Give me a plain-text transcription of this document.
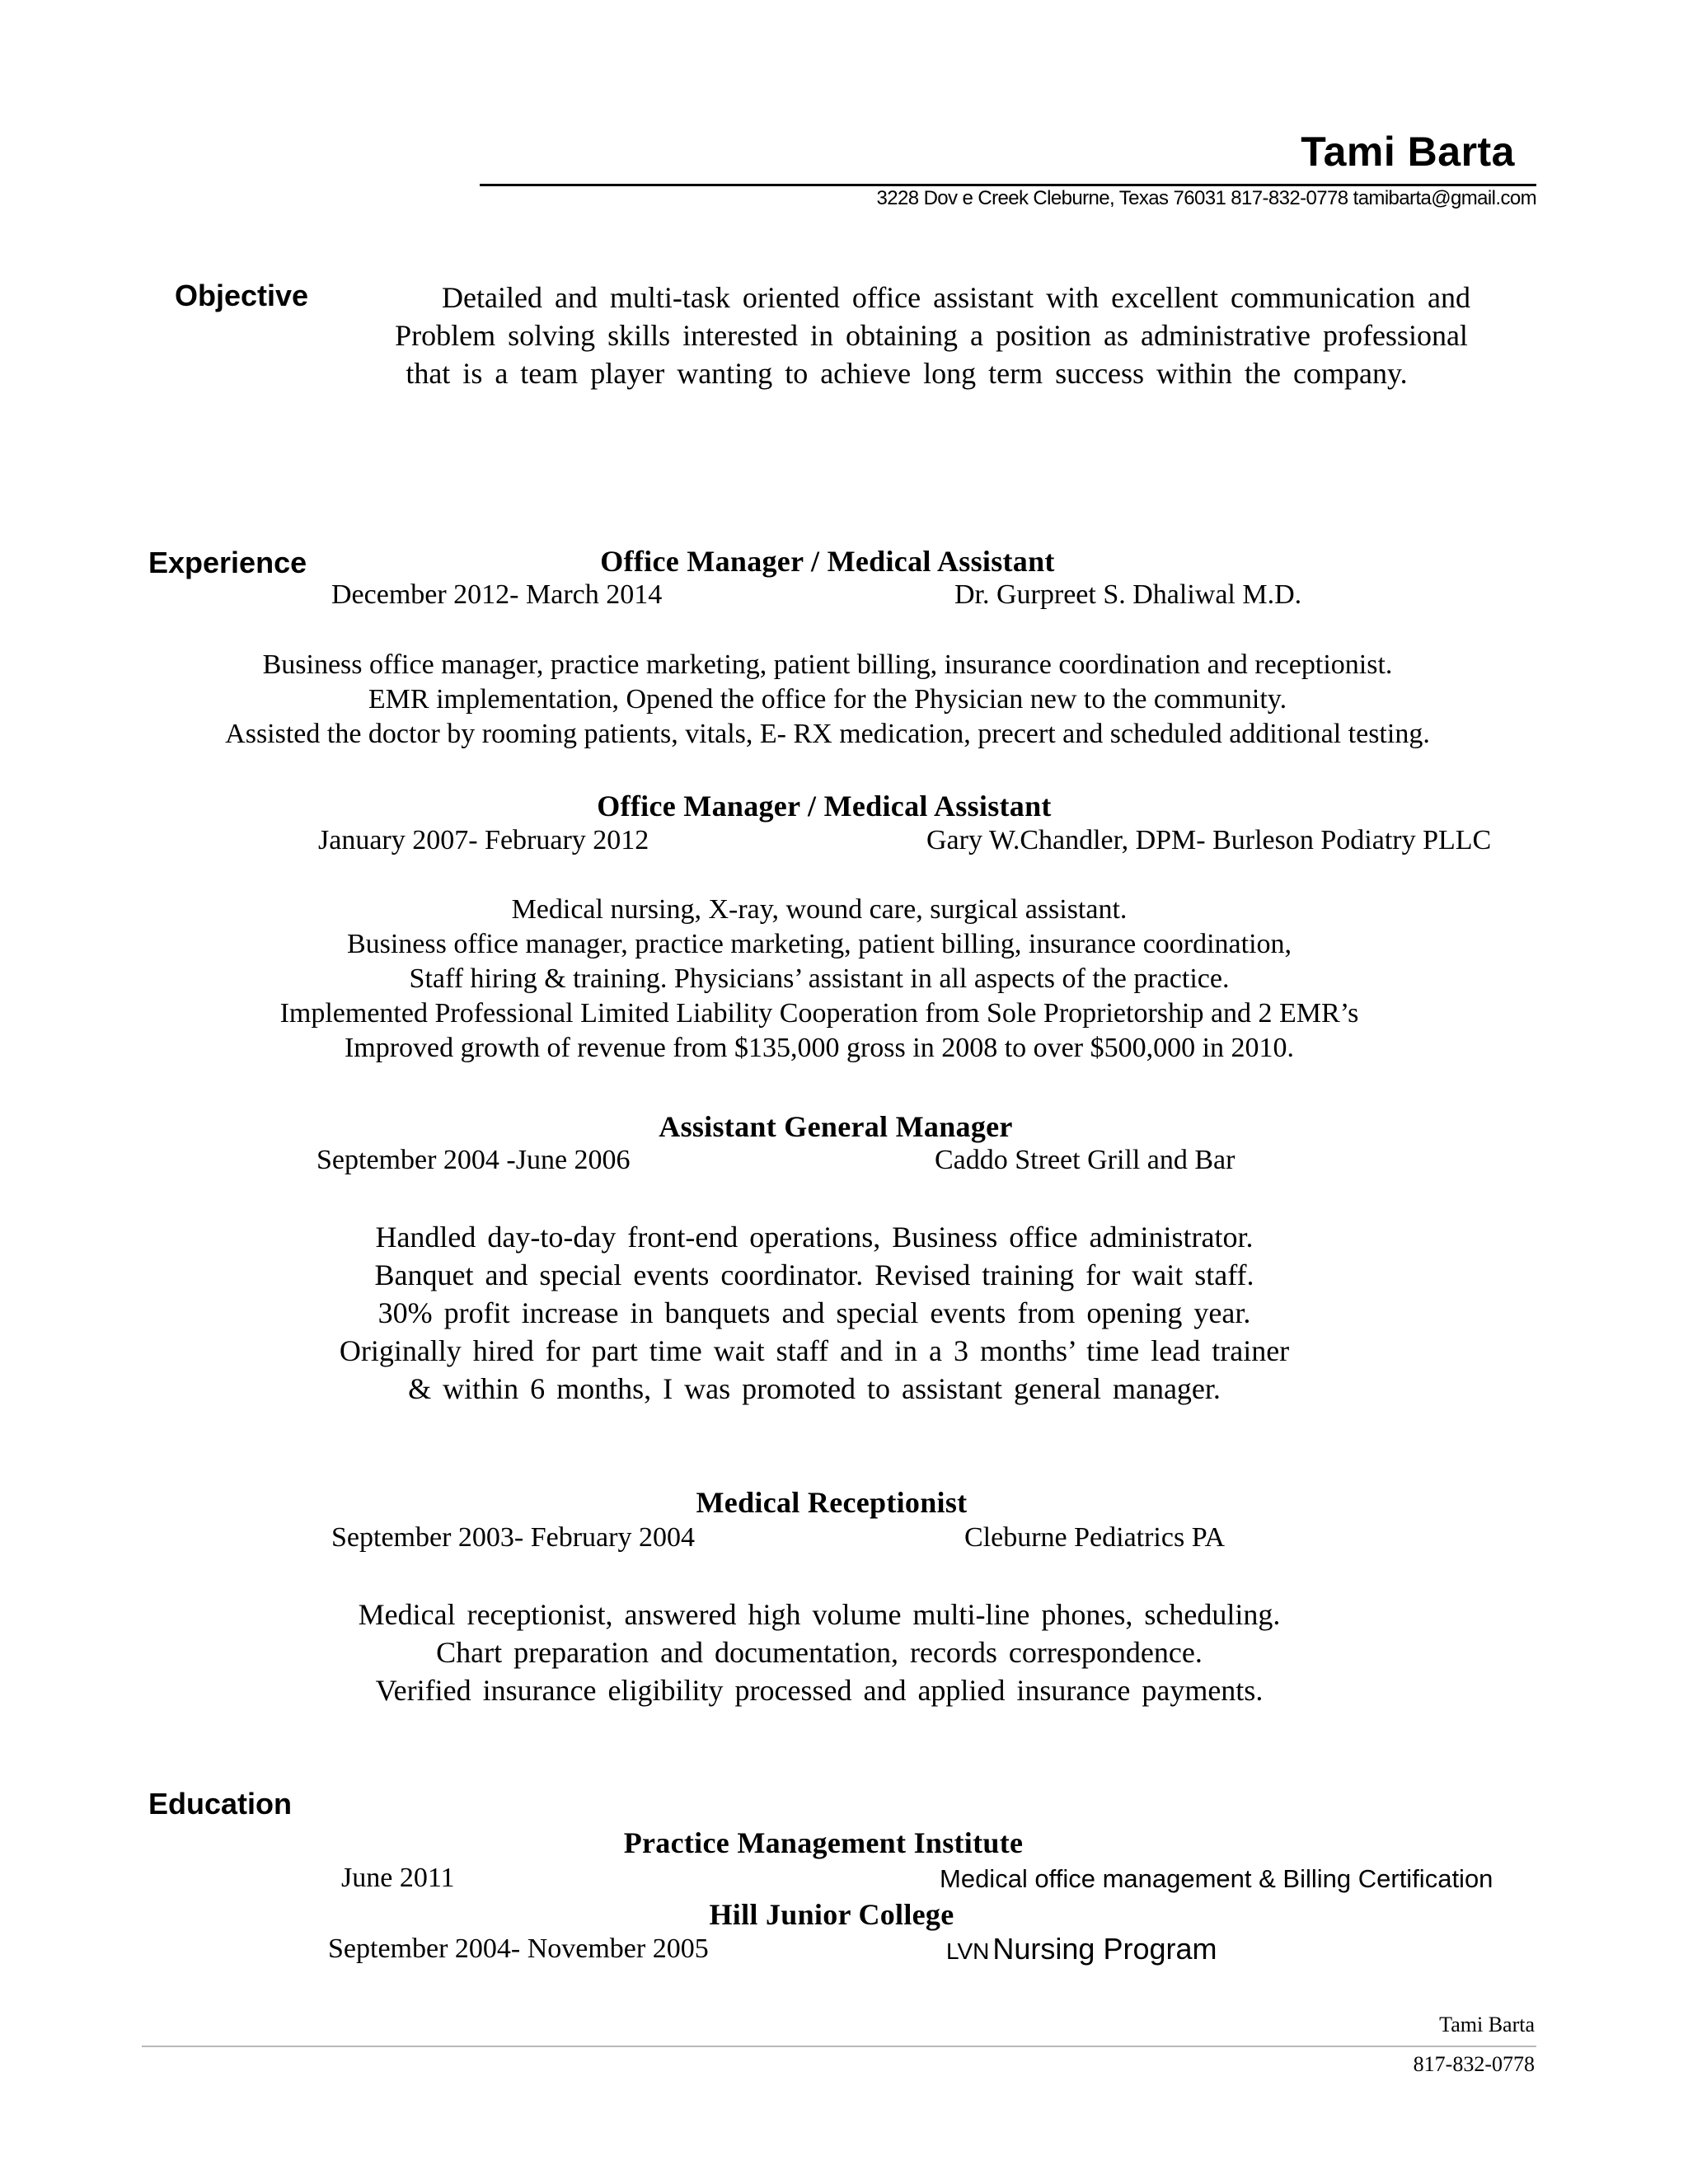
Tami Barta
3228 Dov e Creek Cleburne, Texas 76031 817-832-0778 tamibarta@gmail.com
Objective	Detailed and multi-task oriented office assistant with excellent communication and
Problem solving skills interested in obtaining a position as administrative professional
that is a team player wanting to achieve long term success within the company.
Experience	Office Manager / Medical Assistant
December 2012- March 2014	Dr. Gurpreet S. Dhaliwal M.D.
Business office manager, practice marketing, patient billing, insurance coordination and receptionist.
EMR implementation, Opened the office for the Physician new to the community.
Assisted the doctor by rooming patients, vitals, E- RX medication, precert and scheduled additional testing.
Office Manager / Medical Assistant
January 2007- February 2012	Gary W.Chandler, DPM- Burleson Podiatry PLLC
Medical nursing, X-ray, wound care, surgical assistant.
Business office manager, practice marketing, patient billing, insurance coordination,
Staff hiring & training. Physicians’ assistant in all aspects of the practice.
Implemented Professional Limited Liability Cooperation from Sole Proprietorship and 2 EMR’s
Improved growth of revenue from $135,000 gross in 2008 to over $500,000 in 2010.
Assistant General Manager
September 2004 -June 2006	Caddo Street Grill and Bar
Handled day-to-day front-end operations, Business office administrator.
Banquet and special events coordinator. Revised training for wait staff.
30% profit increase in banquets and special events from opening year.
Originally hired for part time wait staff and in a 3 months’ time lead trainer
& within 6 months, I was promoted to assistant general manager.
Medical Receptionist
September 2003- February 2004	Cleburne Pediatrics PA
Medical receptionist, answered high volume multi-line phones, scheduling.
Chart preparation and documentation, records correspondence.
Verified insurance eligibility processed and applied insurance payments.
Education
Practice Management Institute
June 2011	Medical office management & Billing Certification
Hill Junior College
September 2004- November 2005	LVN Nursing Program
Tami Barta
817-832-0778
